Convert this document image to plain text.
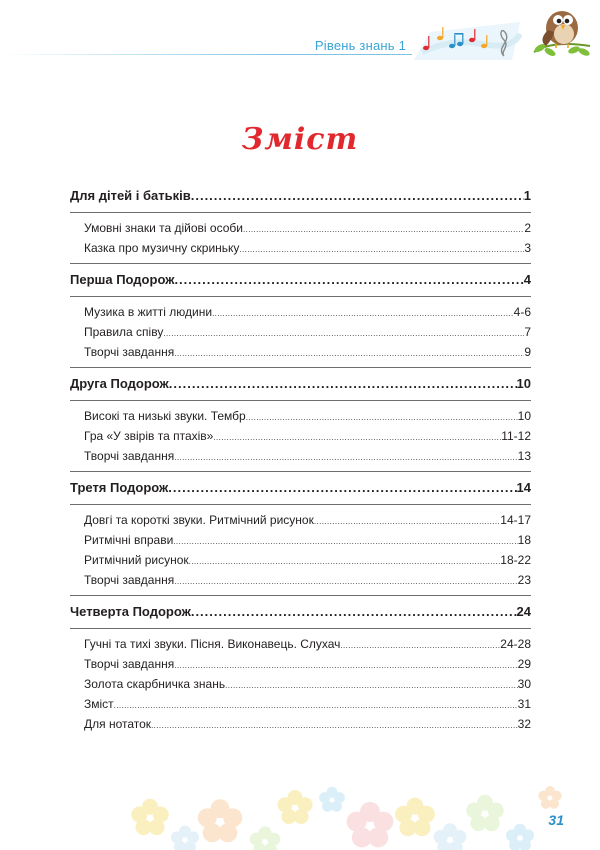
Рівень знань 1
Зміст
Для дітей і батьків .....	1
Умовні знаки та дійові особи .....	2
Казка про музичну скриньку .....	3
Перша Подорож .....	4
Музика в житті людини .....	4-6
Правила співу .....	7
Творчі завдання .....	9
Друга Подорож .....	10
Високі та низькі звуки. Тембр .....	10
Гра «У звірів та птахів» .....	11-12
Творчі завдання .....	13
Третя Подорож .....	14
Довгі та короткі звуки. Ритмічний рисунок .....	14-17
Ритмічні вправи .....	18
Ритмічний рисунок .....	18-22
Творчі завдання .....	23
Четверта Подорож .....	24
Гучні та тихі звуки. Пісня. Виконавець. Слухач .....	24-28
Творчі завдання .....	29
Золота скарбничка знань .....	30
Зміст .....	31
Для нотаток .....	32
31
